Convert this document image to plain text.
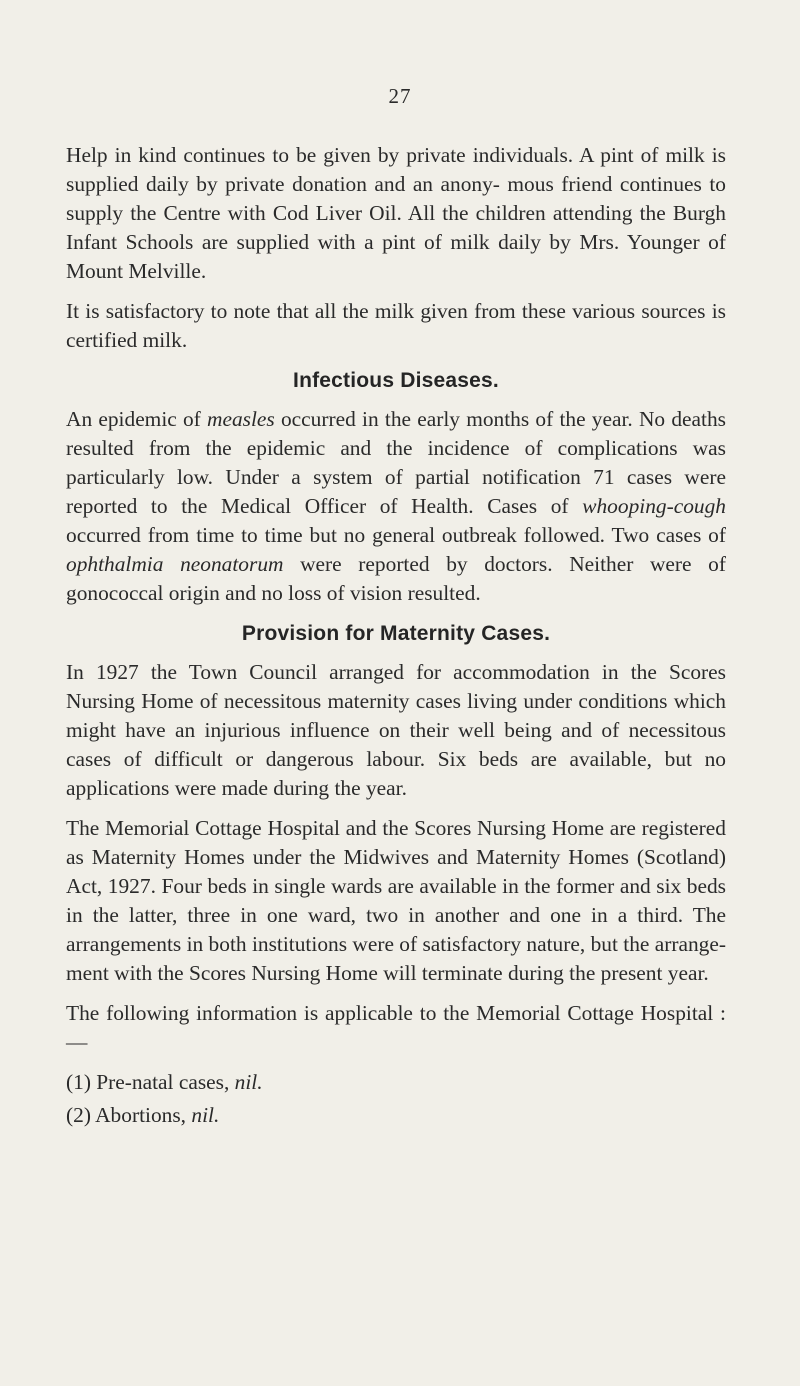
27

Help in kind continues to be given by private individuals. A pint of milk is supplied daily by private donation and an anony- mous friend continues to supply the Centre with Cod Liver Oil. All the children attending the Burgh Infant Schools are supplied with a pint of milk daily by Mrs. Younger of Mount Melville.

It is satisfactory to note that all the milk given from these various sources is certified milk.

Infectious Diseases.

An epidemic of measles occurred in the early months of the year. No deaths resulted from the epidemic and the incidence of complications was particularly low. Under a system of partial notification 71 cases were reported to the Medical Officer of Health. Cases of whooping-cough occurred from time to time but no general outbreak followed. Two cases of ophthalmia neonatorum were reported by doctors. Neither were of gonococcal origin and no loss of vision resulted.

Provision for Maternity Cases.

In 1927 the Town Council arranged for accommodation in the Scores Nursing Home of necessitous maternity cases living under conditions which might have an injurious influence on their well being and of necessitous cases of difficult or dangerous labour. Six beds are available, but no applications were made during the year.

The Memorial Cottage Hospital and the Scores Nursing Home are registered as Maternity Homes under the Midwives and Maternity Homes (Scotland) Act, 1927. Four beds in single wards are available in the former and six beds in the latter, three in one ward, two in another and one in a third. The arrangements in both institutions were of satisfactory nature, but the arrange- ment with the Scores Nursing Home will terminate during the present year.

The following information is applicable to the Memorial Cottage Hospital :—

(1) Pre-natal cases, nil.
(2) Abortions, nil.
